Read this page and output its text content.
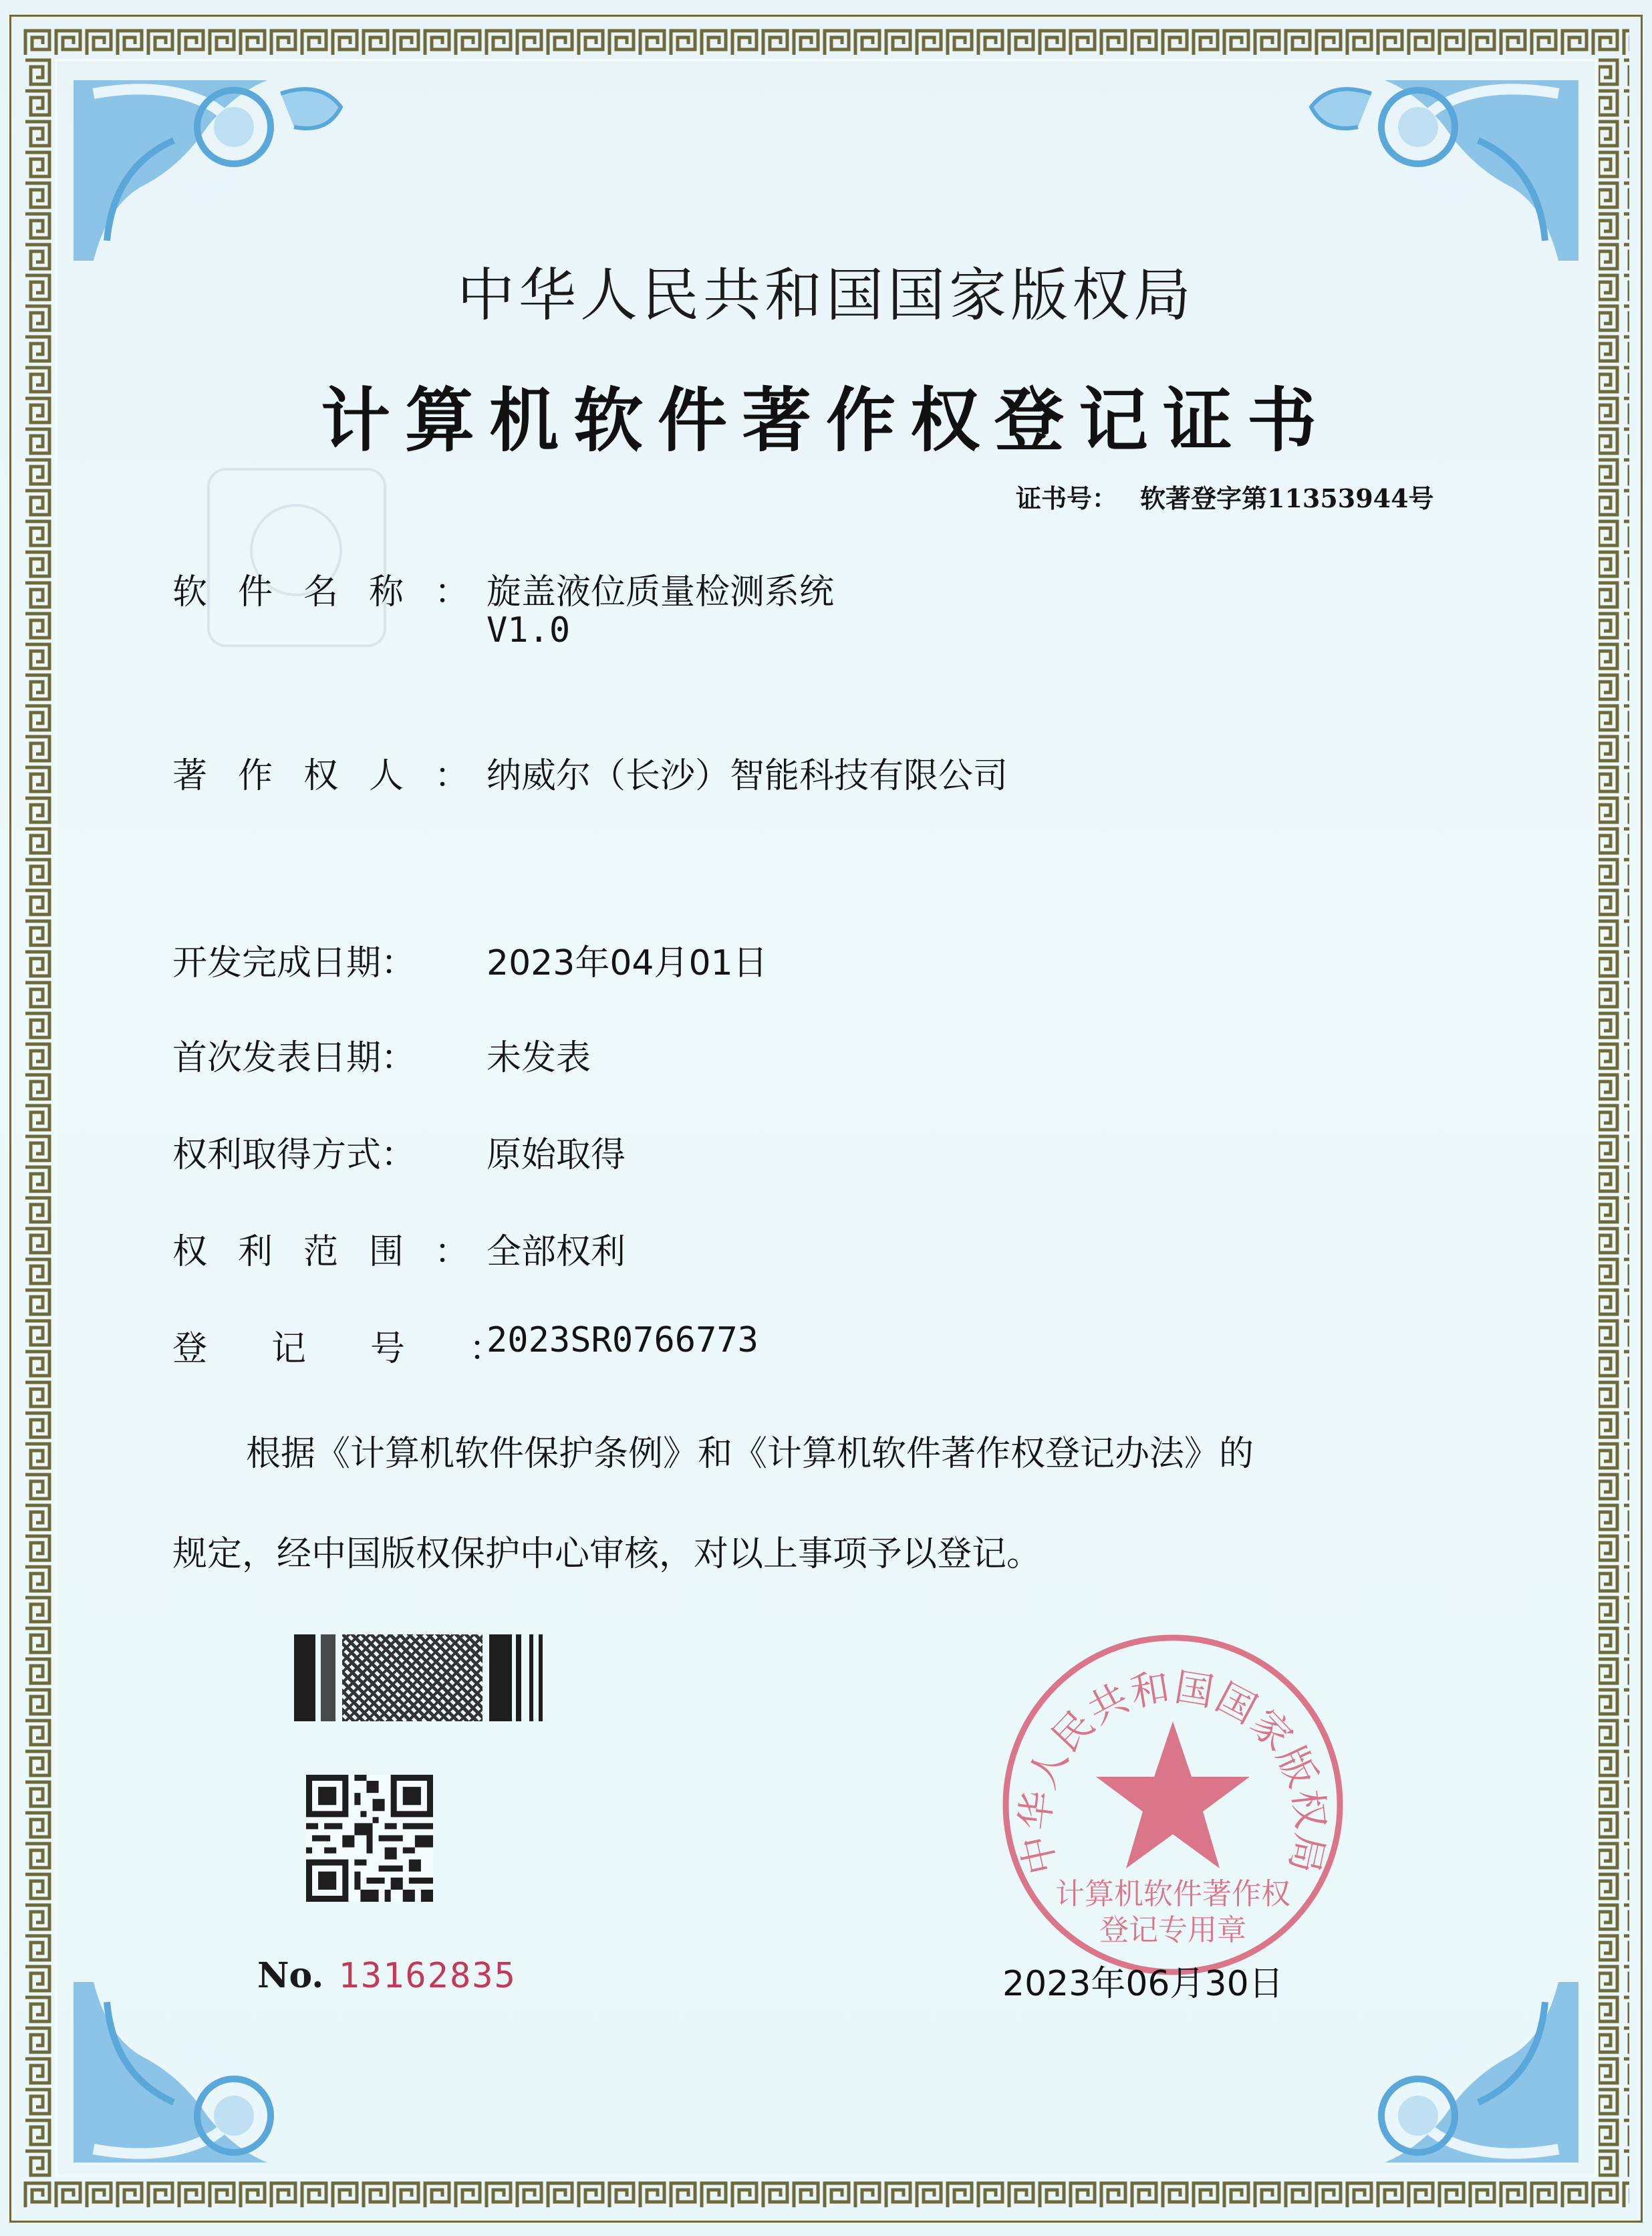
中华人民共和国国家版权局
计算机软件著作权登记证书
证书号： 软著登字第11353944号
软件名称：
旋盖液位质量检测系统
V1.0
著作权人：
纳威尔（长沙）智能科技有限公司
开发完成日期：	2023年04月01日
首次发表日期：	未发表
权利取得方式：	原始取得
权利范围：
全部权利
登记号：
2023SR0766773
根据《计算机软件保护条例》和《计算机软件著作权登记办法》的
规定，经中国版权保护中心审核，对以上事项予以登记。
No. 13162835
中华人民共和国国家版权局
计算机软件著作权
登记专用章
2023年06月30日
